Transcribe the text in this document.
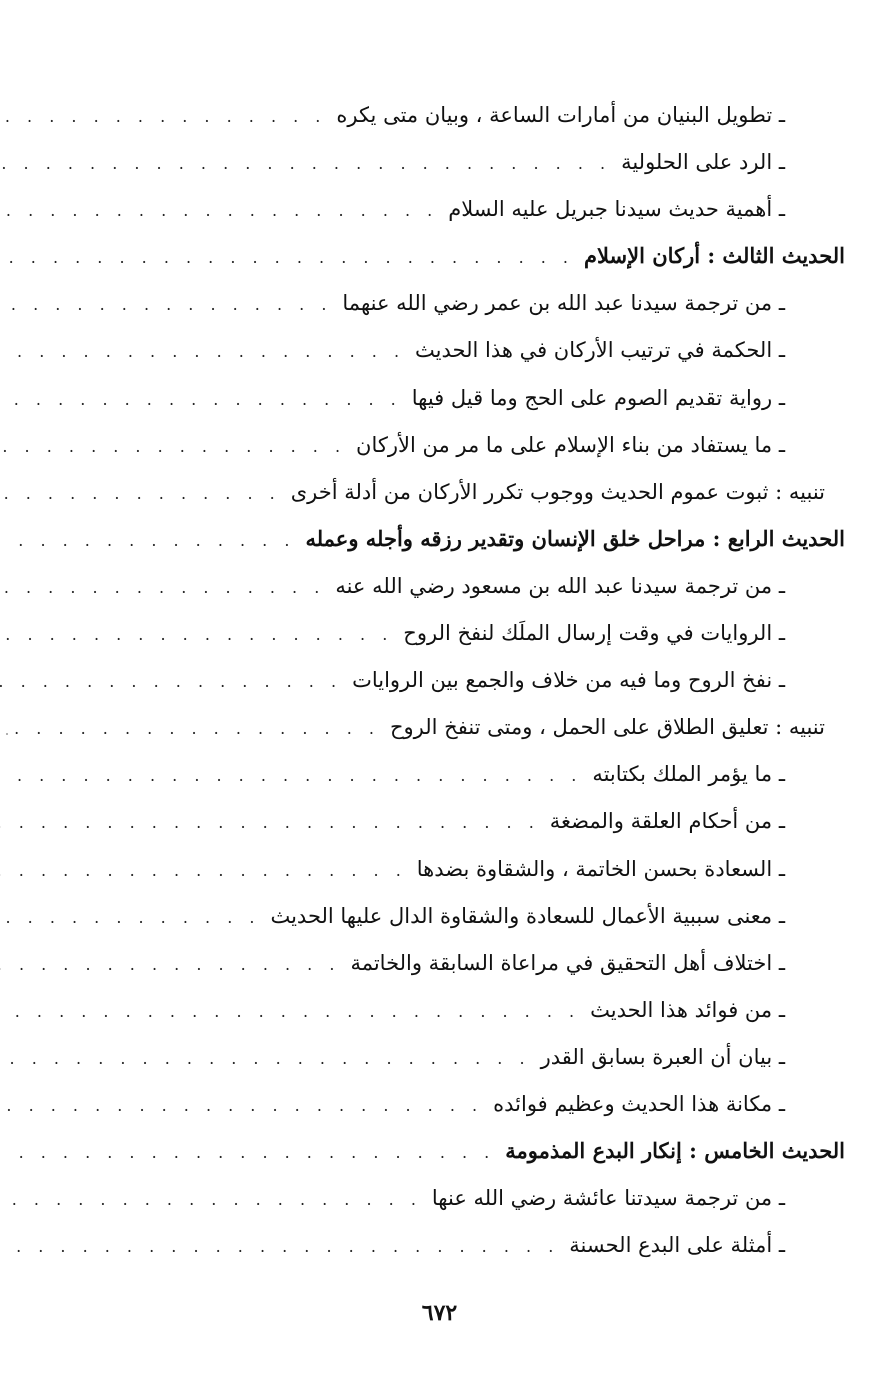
ـ تطويل البنيان من أمارات الساعة ، وبيان متى يكره
. . .
ـ الرد على الحلولية
. . .
ـ أهمية حديث سيدنا جبريل عليه السلام
. . .
الحديث الثالث : أركان الإسلام
. . .
ـ من ترجمة سيدنا عبد الله بن عمر رضي الله عنهما
. . .
ـ الحكمة في ترتيب الأركان في هذا الحديث
. . .
ـ رواية تقديم الصوم على الحج وما قيل فيها
. . .
ـ ما يستفاد من بناء الإسلام على ما مر من الأركان
. . .
تنبيه : ثبوت عموم الحديث ووجوب تكرر الأركان من أدلة أخرى
. . .
الحديث الرابع : مراحل خلق الإنسان وتقدير رزقه وأجله وعمله
. . .
ـ من ترجمة سيدنا عبد الله بن مسعود رضي الله عنه
. . .
ـ الروايات في وقت إرسال الملَك لنفخ الروح
. . .
ـ نفخ الروح وما فيه من خلاف والجمع بين الروايات
. . .
تنبيه : تعليق الطلاق على الحمل ، ومتى تنفخ الروح
. . .
ـ ما يؤمر الملك بكتابته
. . .
ـ من أحكام العلقة والمضغة
. . .
ـ السعادة بحسن الخاتمة ، والشقاوة بضدها
. . .
ـ معنى سببية الأعمال للسعادة والشقاوة الدال عليها الحديث
. . .
ـ اختلاف أهل التحقيق في مراعاة السابقة والخاتمة
. . .
ـ من فوائد هذا الحديث
. . .
ـ بيان أن العبرة بسابق القدر
. . .
ـ مكانة هذا الحديث وعظيم فوائده
. . .
الحديث الخامس : إنكار البدع المذمومة
. . .
ـ من ترجمة سيدتنا عائشة رضي الله عنها
. . .
ـ أمثلة على البدع الحسنة
. . .
٦٧٢
